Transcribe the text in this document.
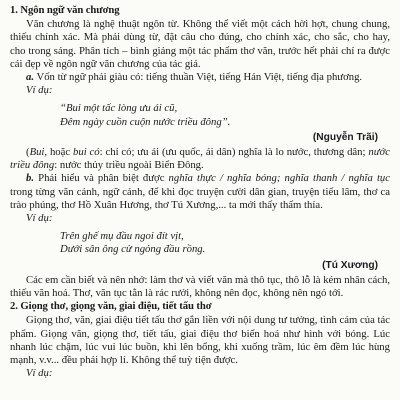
1. Ngôn ngữ văn chương

Văn chương là nghệ thuật ngôn từ. Không thể viết một cách hời hợt, chung chung, thiếu chính xác. Mà phải dùng từ, đặt câu cho đúng, cho chính xác, cho sắc, cho hay, cho trong sáng. Phân tích – bình giảng một tác phẩm thơ văn, trước hết phải chỉ ra được cái đẹp về ngôn ngữ văn chương của tác giả.

a. Vốn từ ngữ phải giàu có: tiếng thuần Việt, tiếng Hán Việt, tiếng địa phương.

Ví dụ:

“Bui một tấc lòng ưu ái cũ,

Đêm ngày cuồn cuộn nước triều đông”.

(Nguyễn Trãi)

(Bui, hoặc bui có: chỉ có; ưu ái (ưu quốc, ái dân) nghĩa là lo nước, thương dân; nước triều đông: nước thủy triều ngoài Biển Đông.

b. Phải hiểu và phân biệt được nghĩa thực / nghĩa bóng; nghĩa thanh / nghĩa tục trong từng văn cảnh, ngữ cảnh, để khi đọc truyện cười dân gian, truyện tiếu lâm, thơ ca trào phúng, thơ Hồ Xuân Hương, thơ Tú Xương,... ta mới thấy thấm thía.

Ví dụ:

Trên ghế mụ đầu ngoi đít vịt,

Dưới sân ông cử ngỏng đầu rồng.

(Tú Xương)

Các em cần biết và nên nhớ: làm thơ và viết văn mà thô tục, thô lỗ là kém nhân cách, thiếu văn hoá. Thơ, văn tục tằn là rác rưởi, không nên đọc, không nên ngó tới.

2. Giọng thơ, giọng văn, giai điệu, tiết tấu thơ

Giọng thơ, văn, giai điệu tiết tấu thơ gắn liền với nội dung tư tưởng, tình cảm của tác phẩm. Giọng văn, giọng thơ, tiết tấu, giai điệu thơ biến hoá như hình với bóng. Lúc nhanh lúc chậm, lúc vui lúc buồn, khi lên bổng, khi xuống trầm, lúc êm đềm lúc hùng mạnh, v.v... đều phải hợp lí. Không thể tuỳ tiện được.

Ví dụ:
